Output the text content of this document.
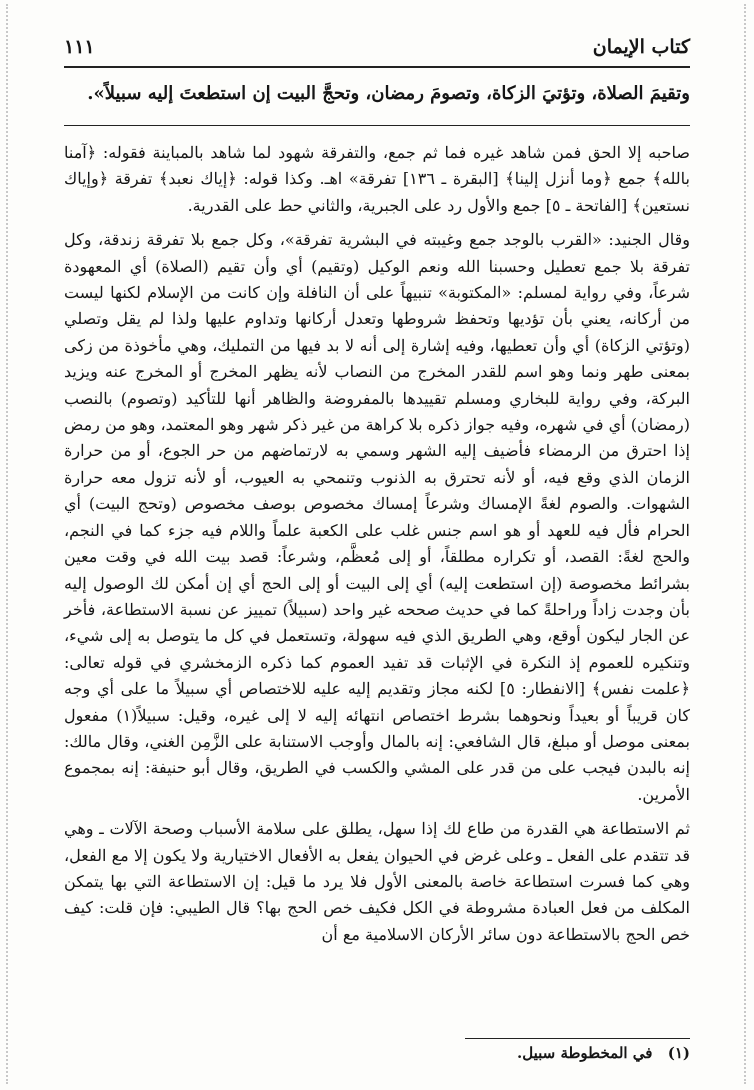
كتاب الإيمان
١١١
وتقيمَ الصلاة، وتؤتيَ الزكاة، وتصومَ رمضان، وتحجَّ البيت إن استطعتَ إليه سبيلاً».

صاحبه إلا الحق فمن شاهد غيره فما ثم جمع، والتفرقة شهود لما شاهد بالمباينة فقوله: ﴿آمنا بالله﴾ جمع ﴿وما أنزل إلينا﴾ [البقرة ـ ١٣٦] تفرقة» اهـ. وكذا قوله: ﴿إياك نعبد﴾ تفرقة ﴿وإياك نستعين﴾ [الفاتحة ـ ٥] جمع والأول رد على الجبرية، والثاني حط على القدرية.

وقال الجنيد: «القرب بالوجد جمع وغيبته في البشرية تفرقة»، وكل جمع بلا تفرقة زندقة، وكل تفرقة بلا جمع تعطيل وحسبنا الله ونعم الوكيل (وتقيم) أي وأن تقيم (الصلاة) أي المعهودة شرعاً، وفي رواية لمسلم: «المكتوبة» تنبيهاً على أن النافلة وإن كانت من الإسلام لكنها ليست من أركانه، يعني بأن تؤديها وتحفظ شروطها وتعدل أركانها وتداوم عليها ولذا لم يقل وتصلي (وتؤتي الزكاة) أي وأن تعطيها، وفيه إشارة إلى أنه لا بد فيها من التمليك، وهي مأخوذة من زكى بمعنى طهر ونما وهو اسم للقدر المخرج من النصاب لأنه يظهر المخرج أو المخرج عنه ويزيد البركة، وفي رواية للبخاري ومسلم تقييدها بالمفروضة والظاهر أنها للتأكيد (وتصوم) بالنصب (رمضان) أي في شهره، وفيه جواز ذكره بلا كراهة من غير ذكر شهر وهو المعتمد، وهو من رمض إذا احترق من الرمضاء فأضيف إليه الشهر وسمي به لارتماضهم من حر الجوع، أو من حرارة الزمان الذي وقع فيه، أو لأنه تحترق به الذنوب وتنمحي به العيوب، أو لأنه تزول معه حرارة الشهوات. والصوم لغةً الإمساك وشرعاً إمساك مخصوص بوصف مخصوص (وتحج البيت) أي الحرام فأل فيه للعهد أو هو اسم جنس غلب على الكعبة علماً واللام فيه جزء كما في النجم، والحج لغةً: القصد، أو تكراره مطلقاً، أو إلى مُعظَّم، وشرعاً: قصد بيت الله في وقت معين بشرائط مخصوصة (إن استطعت إليه) أي إلى البيت أو إلى الحج أي إن أمكن لك الوصول إليه بأن وجدت زاداً وراحلةً كما في حديث صححه غير واحد (سبيلاً) تمييز عن نسبة الاستطاعة، فأخر عن الجار ليكون أوقع، وهي الطريق الذي فيه سهولة، وتستعمل في كل ما يتوصل به إلى شيء، وتنكيره للعموم إذ النكرة في الإثبات قد تفيد العموم كما ذكره الزمخشري في قوله تعالى: ﴿علمت نفس﴾ [الانفطار: ٥] لكنه مجاز وتقديم إليه عليه للاختصاص أي سبيلاً ما على أي وجه كان قريباً أو بعيداً ونحوهما بشرط اختصاص انتهائه إليه لا إلى غيره، وقيل: سبيلاً(١) مفعول بمعنى موصل أو مبلغ، قال الشافعي: إنه بالمال وأوجب الاستنابة على الزَّمِن الغني، وقال مالك: إنه بالبدن فيجب على من قدر على المشي والكسب في الطريق، وقال أبو حنيفة: إنه بمجموع الأمرين.

ثم الاستطاعة هي القدرة من طاع لك إذا سهل، يطلق على سلامة الأسباب وصحة الآلات ـ وهي قد تتقدم على الفعل ـ وعلى غرض في الحيوان يفعل به الأفعال الاختيارية ولا يكون إلا مع الفعل، وهي كما فسرت استطاعة خاصة بالمعنى الأول فلا يرد ما قيل: إن الاستطاعة التي بها يتمكن المكلف من فعل العبادة مشروطة في الكل فكيف خص الحج بها؟ قال الطيبي: فإن قلت: كيف خص الحج بالاستطاعة دون سائر الأركان الاسلامية مع أن

(١) في المخطوطة سبيل.
